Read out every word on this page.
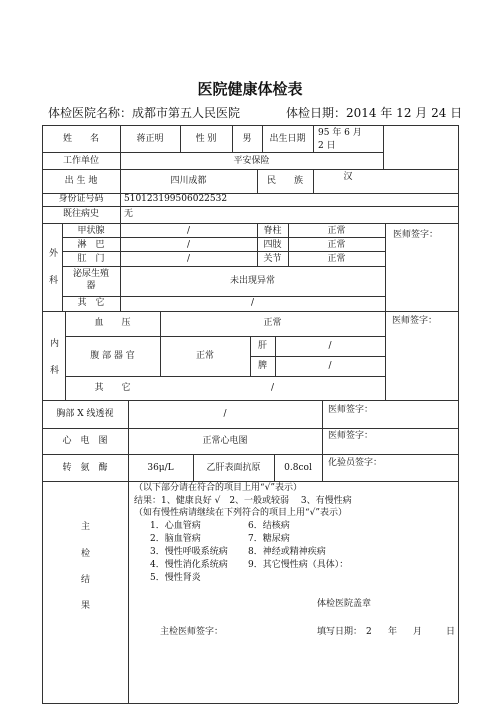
医院健康体检表
体检医院名称：成都市第五人民医院	体检日期：2014 年 12 月 24 日
姓　　名	蒋正明	性 别	男	出生日期
95 年 6 月
2 日
工作单位	平安保险
出 生 地	四川成都	民　　族	汉
身份证号码	510123199506022532
既往病史	无
外
科
甲状腺	/	脊柱	正常
淋　巴	/	四肢	正常
肛　门	/	关节	正常
泌尿生殖
器	未出现异常
其　它	/
医师签字：
内
科
血　　压	正常
腹 部 器 官	正常
肝	/
脾	/
其　　它	/
医师签字：
胸部 X 线透视	/	医师签字：
心　电　图	正常心电图	医师签字：
转　氨　酶	36μ/L	乙肝表面抗原	0.8col	化验员签字：
主
检
结
果
（以下部分请在符合的项目上用“√”表示）
结果：1、健康良好 √　2、一般或较弱　 3、有慢性病
（如有慢性病请继续在下列符合的项目上用“√”表示）
1．心血管病	6．结核病
2．脑血管病	7．糖尿病
3．慢性呼吸系统病 8．神经或精神疾病
4．慢性消化系统病 9．其它慢性病（具体）：
5．慢性肾炎
体检医院盖章
主检医师签字：	填写日期： 2 年 月	日
